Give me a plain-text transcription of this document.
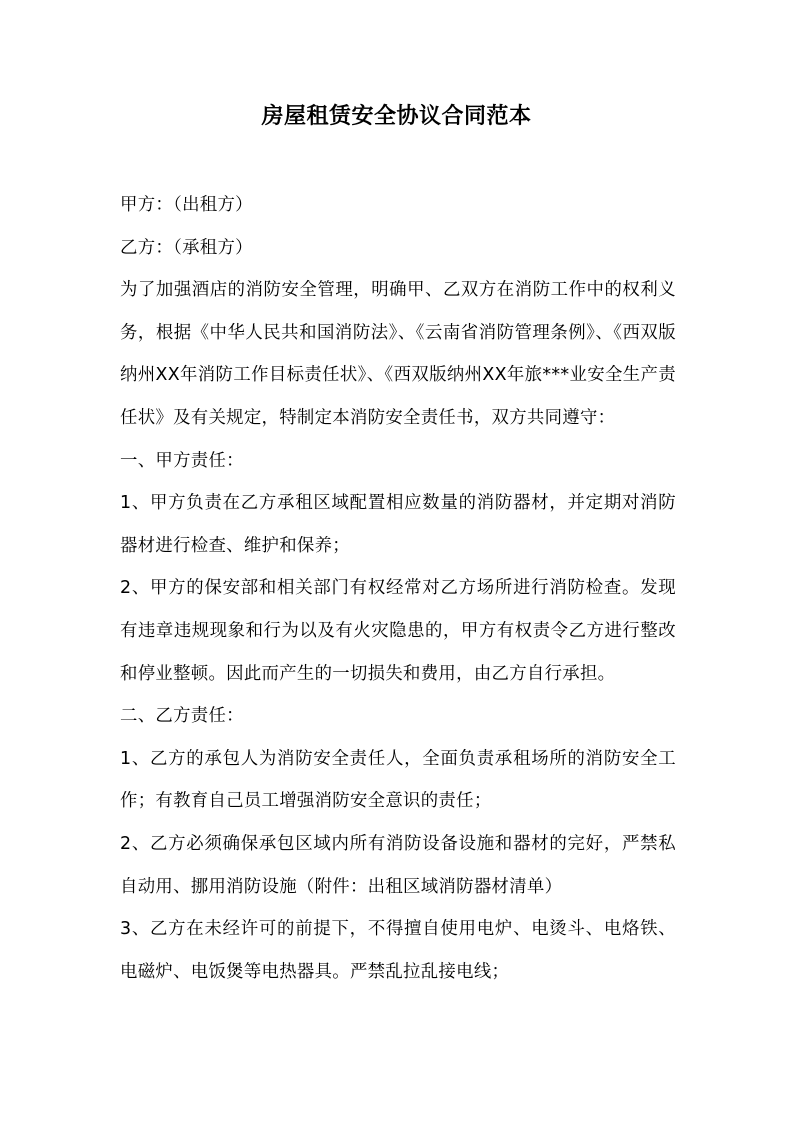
房屋租赁安全协议合同范本

甲方：（出租方）

乙方：（承租方）

为了加强酒店的消防安全管理，明确甲、乙双方在消防工作中的权利义务，根据《中华人民共和国消防法》、《云南省消防管理条例》、《西双版纳州XX年消防工作目标责任状》、《西双版纳州XX年旅***业安全生产责任状》及有关规定，特制定本消防安全责任书，双方共同遵守：

一、甲方责任：

1、甲方负责在乙方承租区域配置相应数量的消防器材，并定期对消防器材进行检查、维护和保养；

2、甲方的保安部和相关部门有权经常对乙方场所进行消防检查。发现有违章违规现象和行为以及有火灾隐患的，甲方有权责令乙方进行整改和停业整顿。因此而产生的一切损失和费用，由乙方自行承担。

二、乙方责任：

1、乙方的承包人为消防安全责任人，全面负责承租场所的消防安全工作；有教育自己员工增强消防安全意识的责任；

2、乙方必须确保承包区域内所有消防设备设施和器材的完好，严禁私自动用、挪用消防设施（附件：出租区域消防器材清单）

3、乙方在未经许可的前提下，不得擅自使用电炉、电烫斗、电烙铁、电磁炉、电饭煲等电热器具。严禁乱拉乱接电线；
